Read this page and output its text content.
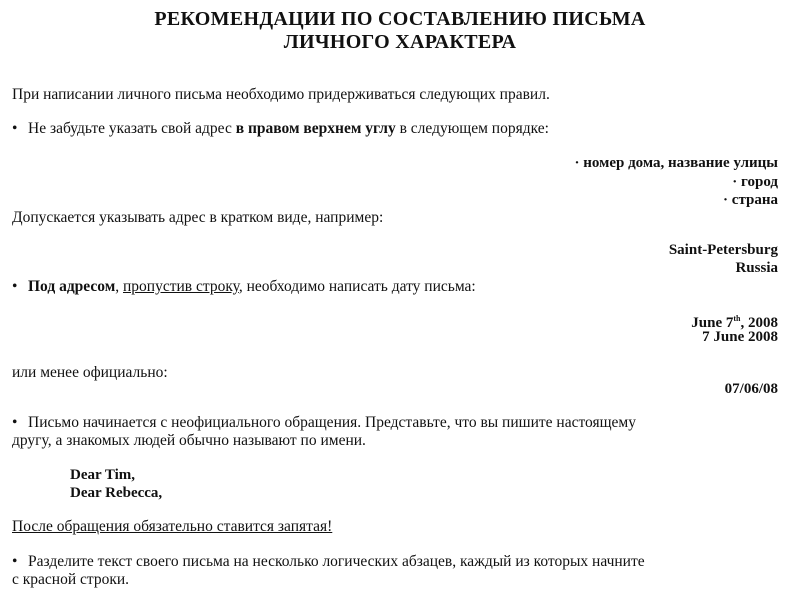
РЕКОМЕНДАЦИИ ПО СОСТАВЛЕНИЮ ПИСЬМА
ЛИЧНОГО ХАРАКТЕРА
При написании личного письма необходимо придерживаться следующих правил.
• Не забудьте указать свой адрес в правом верхнем углу в следующем порядке:
· номер дома, название улицы
· город
· страна
Допускается указывать адрес в кратком виде, например:
Saint-Petersburg
Russia
• Под адресом, пропустив строку, необходимо написать дату письма:
June 7th, 2008
7 June 2008
или менее официально:
07/06/08
• Письмо начинается с неофициального обращения. Представьте, что вы пишите настоящему
другу, а знакомых людей обычно называют по имени.
Dear Tim,
Dear Rebecca,
После обращения обязательно ставится запятая!
• Разделите текст своего письма на несколько логических абзацев, каждый из которых начните
с красной строки.
